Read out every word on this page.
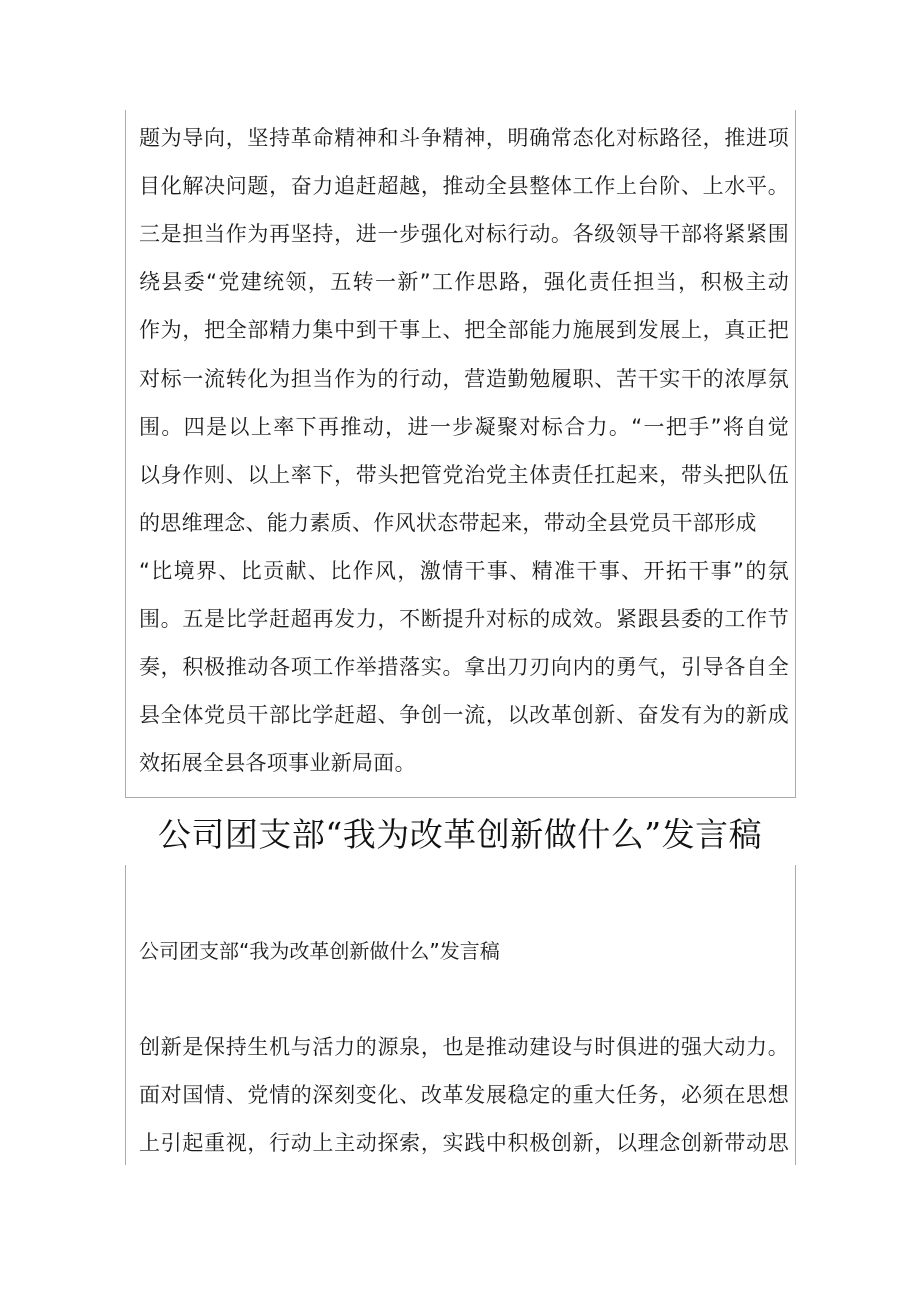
题为导向，坚持革命精神和斗争精神，明确常态化对标路径，推进项
目化解决问题，奋力追赶超越，推动全县整体工作上台阶、上水平。
三是担当作为再坚持，进一步强化对标行动。各级领导干部将紧紧围
绕县委“党建统领，五转一新”工作思路，强化责任担当，积极主动
作为，把全部精力集中到干事上、把全部能力施展到发展上，真正把
对标一流转化为担当作为的行动，营造勤勉履职、苦干实干的浓厚氛
围。四是以上率下再推动，进一步凝聚对标合力。“一把手”将自觉
以身作则、以上率下，带头把管党治党主体责任扛起来，带头把队伍
的思维理念、能力素质、作风状态带起来，带动全县党员干部形成
“比境界、比贡献、比作风，激情干事、精准干事、开拓干事”的氛
围。五是比学赶超再发力，不断提升对标的成效。紧跟县委的工作节
奏，积极推动各项工作举措落实。拿出刀刃向内的勇气，引导各自全
县全体党员干部比学赶超、争创一流，以改革创新、奋发有为的新成
效拓展全县各项事业新局面。
公司团支部“我为改革创新做什么”发言稿
公司团支部“我为改革创新做什么”发言稿
创新是保持生机与活力的源泉，也是推动建设与时俱进的强大动力。
面对国情、党情的深刻变化、改革发展稳定的重大任务，必须在思想
上引起重视，行动上主动探索，实践中积极创新，以理念创新带动思
